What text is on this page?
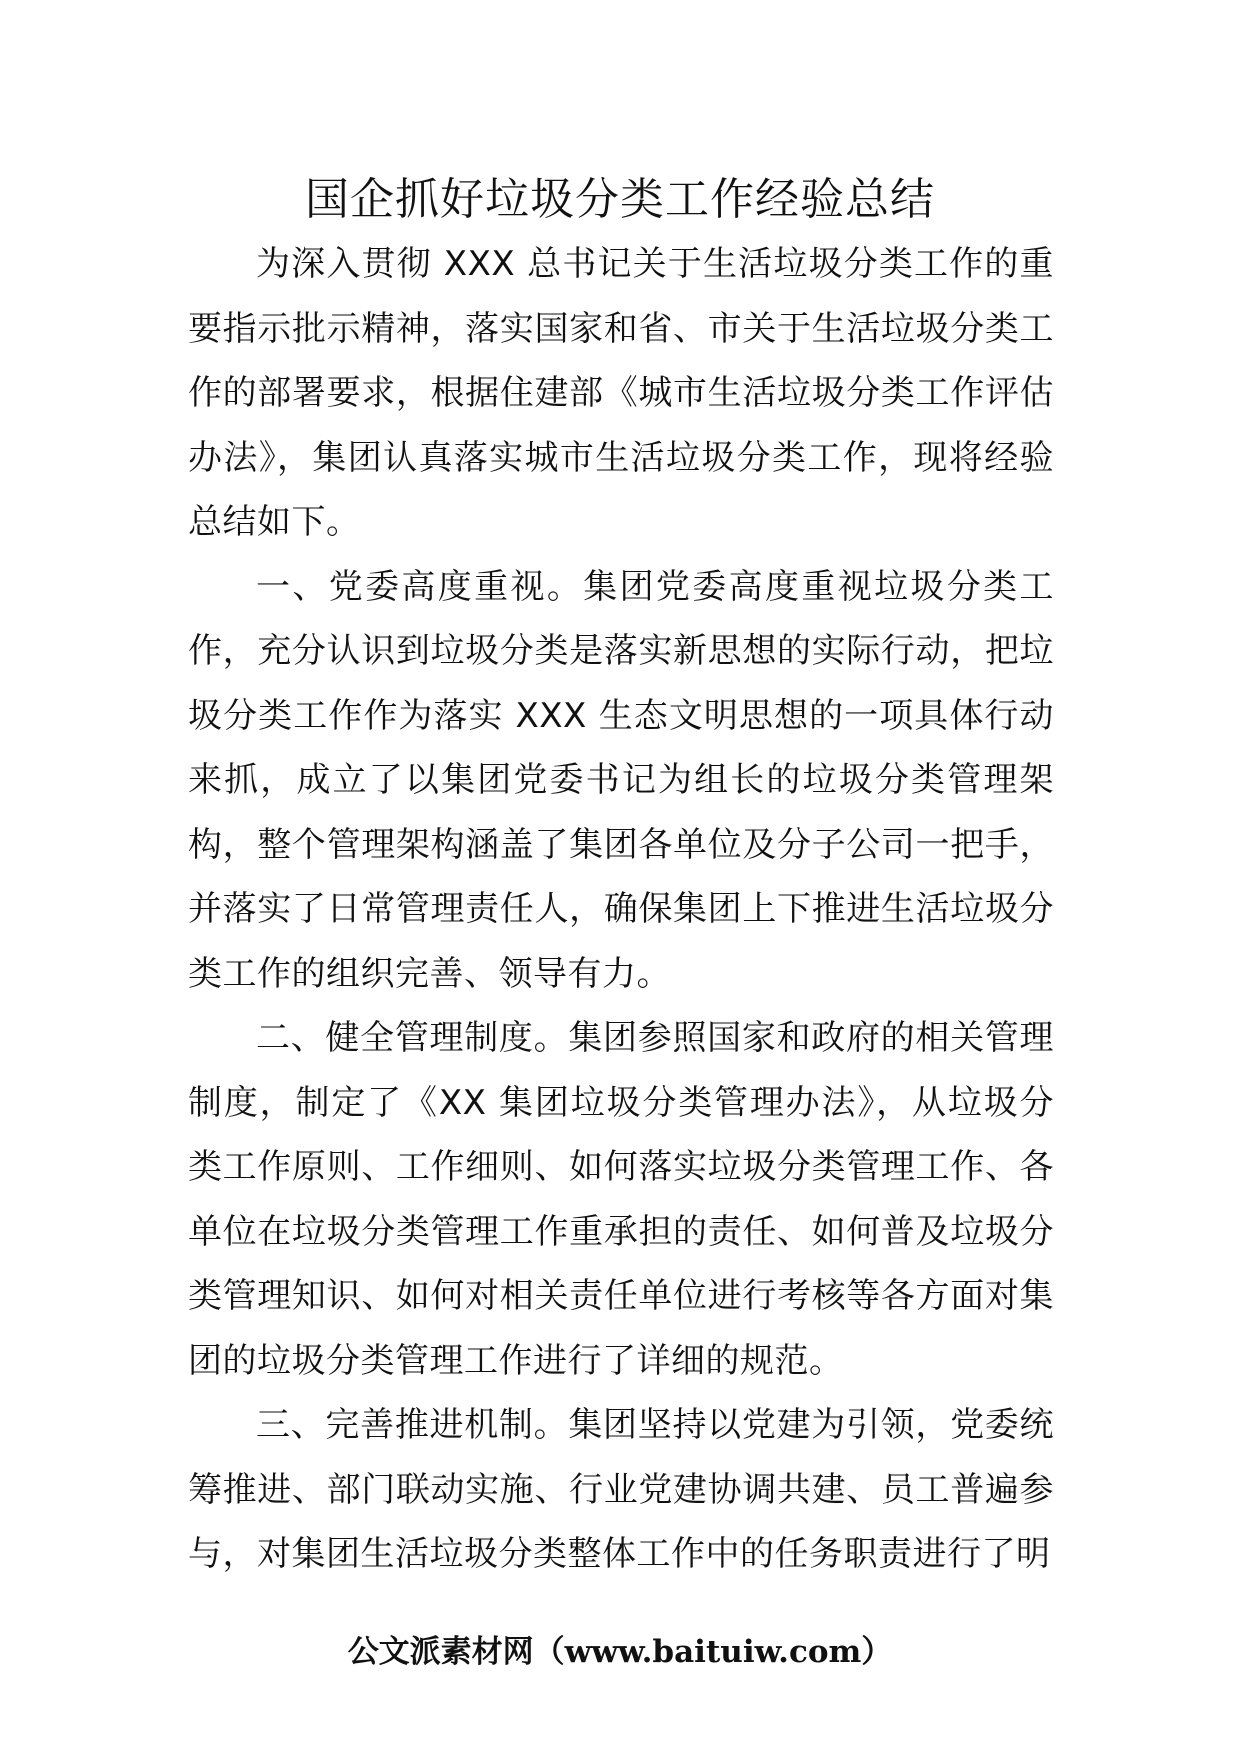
国企抓好垃圾分类工作经验总结

为深入贯彻 XXX 总书记关于生活垃圾分类工作的重要指示批示精神，落实国家和省、市关于生活垃圾分类工作的部署要求，根据住建部《城市生活垃圾分类工作评估办法》，集团认真落实城市生活垃圾分类工作，现将经验总结如下。

一、党委高度重视。集团党委高度重视垃圾分类工作，充分认识到垃圾分类是落实新思想的实际行动，把垃圾分类工作作为落实 XXX 生态文明思想的一项具体行动来抓，成立了以集团党委书记为组长的垃圾分类管理架构，整个管理架构涵盖了集团各单位及分子公司一把手，并落实了日常管理责任人，确保集团上下推进生活垃圾分类工作的组织完善、领导有力。

二、健全管理制度。集团参照国家和政府的相关管理制度，制定了《XX 集团垃圾分类管理办法》，从垃圾分类工作原则、工作细则、如何落实垃圾分类管理工作、各单位在垃圾分类管理工作重承担的责任、如何普及垃圾分类管理知识、如何对相关责任单位进行考核等各方面对集团的垃圾分类管理工作进行了详细的规范。

三、完善推进机制。集团坚持以党建为引领，党委统筹推进、部门联动实施、行业党建协调共建、员工普遍参与，对集团生活垃圾分类整体工作中的任务职责进行了明

公文派素材网（www.baituiw.com）
